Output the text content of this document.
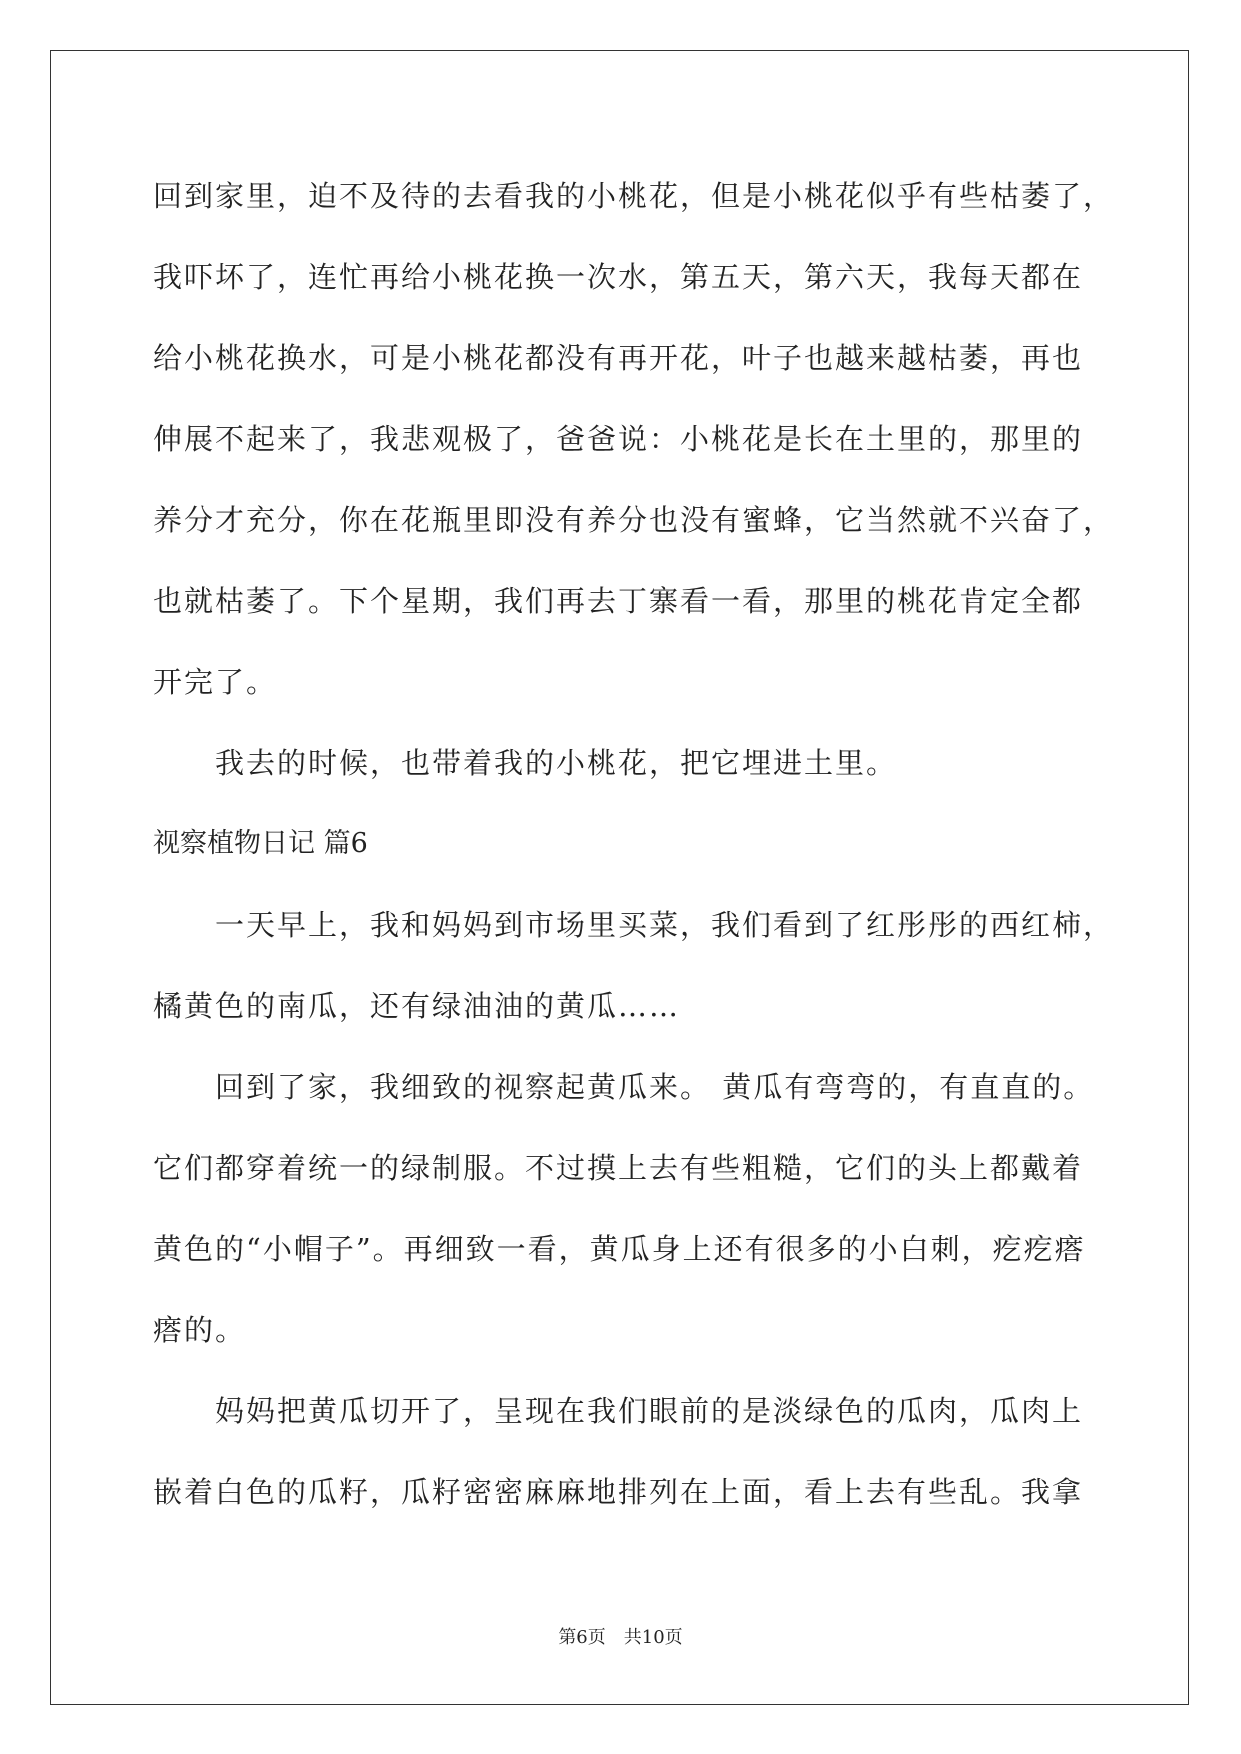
回到家里，迫不及待的去看我的小桃花，但是小桃花似乎有些枯萎了，
我吓坏了，连忙再给小桃花换一次水，第五天，第六天，我每天都在
给小桃花换水，可是小桃花都没有再开花，叶子也越来越枯萎，再也
伸展不起来了，我悲观极了，爸爸说：小桃花是长在土里的，那里的
养分才充分，你在花瓶里即没有养分也没有蜜蜂，它当然就不兴奋了，
也就枯萎了。下个星期，我们再去丁寨看一看，那里的桃花肯定全都
开完了。
我去的时候，也带着我的小桃花，把它埋进土里。
视察植物日记 篇6
一天早上，我和妈妈到市场里买菜，我们看到了红彤彤的西红柿，
橘黄色的南瓜，还有绿油油的黄瓜……
回到了家，我细致的视察起黄瓜来。 黄瓜有弯弯的，有直直的。
它们都穿着统一的绿制服。不过摸上去有些粗糙，它们的头上都戴着
黄色的“小帽子”。再细致一看，黄瓜身上还有很多的小白刺，疙疙瘩
瘩的。
妈妈把黄瓜切开了，呈现在我们眼前的是淡绿色的瓜肉，瓜肉上
嵌着白色的瓜籽，瓜籽密密麻麻地排列在上面，看上去有些乱。我拿
第6页 共10页
